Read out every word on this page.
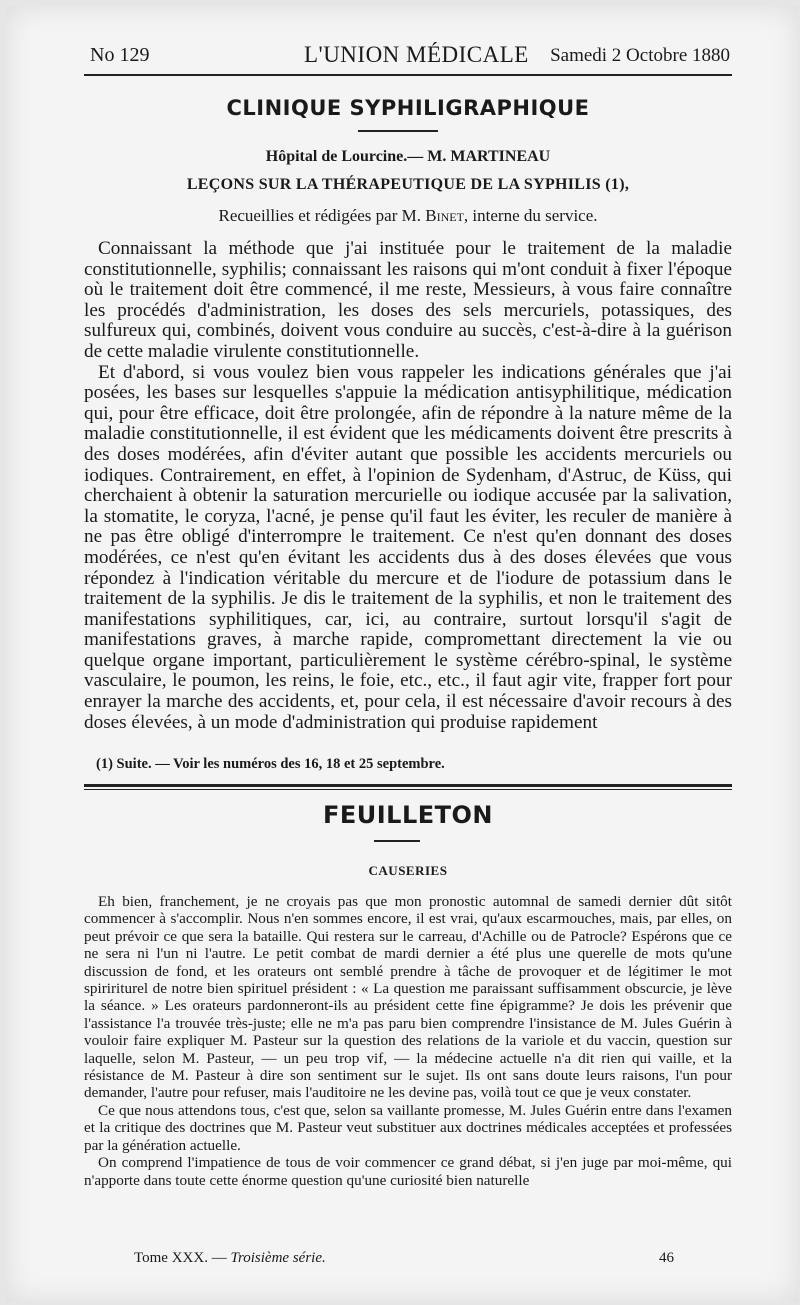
No 129	L'UNION MÉDICALE Samedi 2 Octobre 1880
CLINIQUE SYPHILIGRAPHIQUE
Hôpital de Lourcine.— M. MARTINEAU
LEÇONS SUR LA THÉRAPEUTIQUE DE LA SYPHILIS (1),
Recueillies et rédigées par M. Binet, interne du service.

Connaissant la méthode que j'ai instituée pour le traitement de la maladie constitutionnelle, syphilis; connaissant les raisons qui m'ont conduit à fixer l'époque où le traitement doit être commencé, il me reste, Messieurs, à vous faire connaître les procédés d'administration, les doses des sels mercuriels, potassiques, des sulfureux qui, combinés, doivent vous conduire au succès, c'est-à-dire à la guérison de cette maladie virulente constitutionnelle.

Et d'abord, si vous voulez bien vous rappeler les indications générales que j'ai posées, les bases sur lesquelles s'appuie la médication antisyphilitique, médication qui, pour être efficace, doit être prolongée, afin de répondre à la nature même de la maladie constitutionnelle, il est évident que les médicaments doivent être prescrits à des doses modérées, afin d'éviter autant que possible les accidents mercuriels ou iodiques. Contrairement, en effet, à l'opinion de Sydenham, d'Astruc, de Küss, qui cherchaient à obtenir la saturation mercurielle ou iodique accusée par la salivation, la stomatite, le coryza, l'acné, je pense qu'il faut les éviter, les reculer de manière à ne pas être obligé d'interrompre le traitement. Ce n'est qu'en donnant des doses modérées, ce n'est qu'en évitant les accidents dus à des doses élevées que vous répondez à l'indication véritable du mercure et de l'iodure de potassium dans le traitement de la syphilis. Je dis le traitement de la syphilis, et non le traitement des manifestations syphilitiques, car, ici, au contraire, surtout lorsqu'il s'agit de manifestations graves, à marche rapide, compromettant directement la vie ou quelque organe important, particulièrement le système cérébro-spinal, le système vasculaire, le poumon, les reins, le foie, etc., etc., il faut agir vite, frapper fort pour enrayer la marche des accidents, et, pour cela, il est nécessaire d'avoir recours à des doses élevées, à un mode d'administration qui produise rapidement

(1) Suite. — Voir les numéros des 16, 18 et 25 septembre.
FEUILLETON
CAUSERIES

Eh bien, franchement, je ne croyais pas que mon pronostic automnal de samedi dernier dût sitôt commencer à s'accomplir. Nous n'en sommes encore, il est vrai, qu'aux escarmouches, mais, par elles, on peut prévoir ce que sera la bataille. Qui restera sur le carreau, d'Achille ou de Patrocle? Espérons que ce ne sera ni l'un ni l'autre. Le petit combat de mardi dernier a été plus une querelle de mots qu'une discussion de fond, et les orateurs ont semblé prendre à tâche de provoquer et de légitimer le mot spiririturel de notre bien spirituel président : « La question me paraissant suffisamment obscurcie, je lève la séance. » Les orateurs pardonneront-ils au président cette fine épigramme? Je dois les prévenir que l'assistance l'a trouvée très-juste; elle ne m'a pas paru bien comprendre l'insistance de M. Jules Guérin à vouloir faire expliquer M. Pasteur sur la question des relations de la variole et du vaccin, question sur laquelle, selon M. Pasteur, — un peu trop vif, — la médecine actuelle n'a dit rien qui vaille, et la résistance de M. Pasteur à dire son sentiment sur le sujet. Ils ont sans doute leurs raisons, l'un pour demander, l'autre pour refuser, mais l'auditoire ne les devine pas, voilà tout ce que je veux constater.

Ce que nous attendons tous, c'est que, selon sa vaillante promesse, M. Jules Guérin entre dans l'examen et la critique des doctrines que M. Pasteur veut substituer aux doctrines médicales acceptées et professées par la génération actuelle.

On comprend l'impatience de tous de voir commencer ce grand débat, si j'en juge par moi-même, qui n'apporte dans toute cette énorme question qu'une curiosité bien naturelle

Tome XXX. — Troisième série.	46
